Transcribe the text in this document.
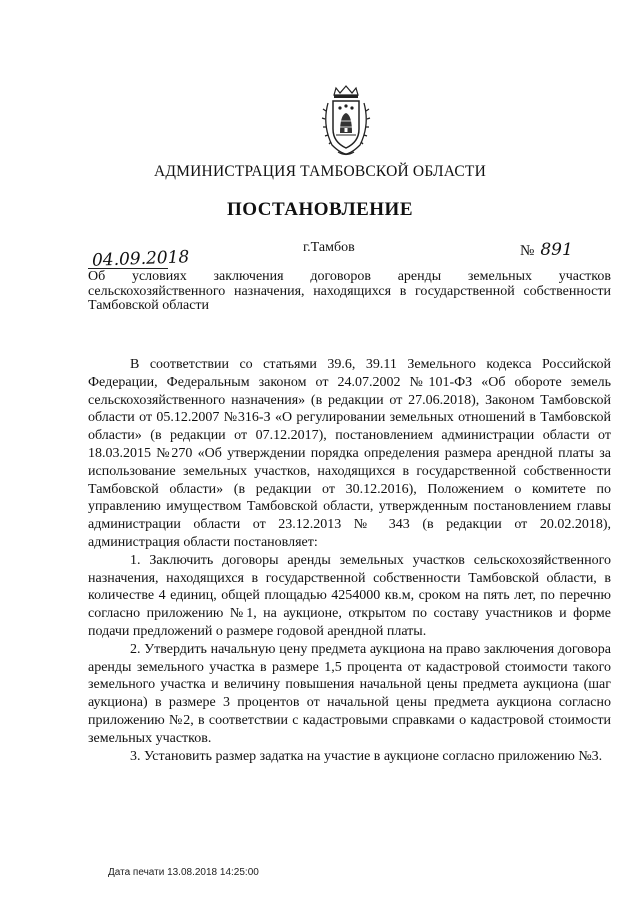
АДМИНИСТРАЦИЯ ТАМБОВСКОЙ ОБЛАСТИ
ПОСТАНОВЛЕНИЕ
04.09.2018	г.Тамбов	№ 891
Об условиях заключения договоров аренды земельных участков сельскохозяйственного назначения, находящихся в государственной собственности Тамбовской области

В соответствии со статьями 39.6, 39.11 Земельного кодекса Российской Федерации, Федеральным законом от 24.07.2002 №101-ФЗ «Об обороте земель сельскохозяйственного назначения» (в редакции от 27.06.2018), Законом Тамбовской области от 05.12.2007 №316-З «О регулировании земельных отношений в Тамбовской области» (в редакции от 07.12.2017), постановлением администрации области от 18.03.2015 №270 «Об утверждении порядка определения размера арендной платы за использование земельных участков, находящихся в государственной собственности Тамбовской области» (в редакции от 30.12.2016), Положением о комитете по управлению имуществом Тамбовской области, утвержденным постановлением главы администрации области от 23.12.2013 № 343 (в редакции от 20.02.2018), администрация области постановляет:

1. Заключить договоры аренды земельных участков сельскохозяйственного назначения, находящихся в государственной собственности Тамбовской области, в количестве 4 единиц, общей площадью 4254000 кв.м, сроком на пять лет, по перечню согласно приложению №1, на аукционе, открытом по составу участников и форме подачи предложений о размере годовой арендной платы.

2. Утвердить начальную цену предмета аукциона на право заключения договора аренды земельного участка в размере 1,5 процента от кадастровой стоимости такого земельного участка и величину повышения начальной цены предмета аукциона (шаг аукциона) в размере 3 процентов от начальной цены предмета аукциона согласно приложению №2, в соответствии с кадастровыми справками о кадастровой стоимости земельных участков.

3. Установить размер задатка на участие в аукционе согласно приложению №3.

Дата печати 13.08.2018 14:25:00
